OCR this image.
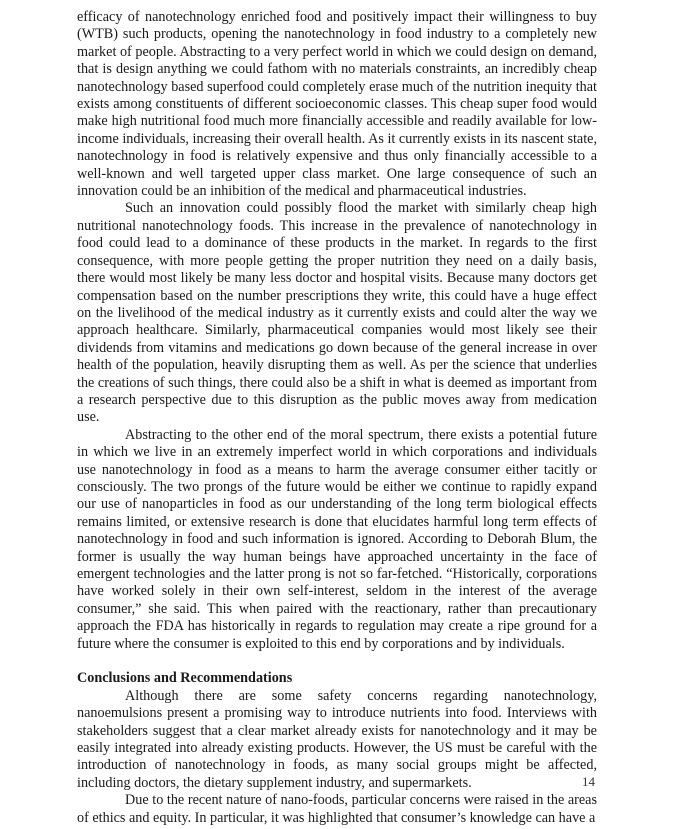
efficacy of nanotechnology enriched food and positively impact their willingness to buy (WTB) such products, opening the nanotechnology in food industry to a completely new market of people. Abstracting to a very perfect world in which we could design on demand, that is design anything we could fathom with no materials constraints, an incredibly cheap nanotechnology based superfood could completely erase much of the nutrition inequity that exists among constituents of different socioeconomic classes. This cheap super food would make high nutritional food much more financially accessible and readily available for low-income individuals, increasing their overall health. As it currently exists in its nascent state, nanotechnology in food is relatively expensive and thus only financially accessible to a well-known and well targeted upper class market. One large consequence of such an innovation could be an inhibition of the medical and pharmaceutical industries.

Such an innovation could possibly flood the market with similarly cheap high nutritional nanotechnology foods. This increase in the prevalence of nanotechnology in food could lead to a dominance of these products in the market. In regards to the first consequence, with more people getting the proper nutrition they need on a daily basis, there would most likely be many less doctor and hospital visits. Because many doctors get compensation based on the number prescriptions they write, this could have a huge effect on the livelihood of the medical industry as it currently exists and could alter the way we approach healthcare. Similarly, pharmaceutical companies would most likely see their dividends from vitamins and medications go down because of the general increase in over health of the population, heavily disrupting them as well. As per the science that underlies the creations of such things, there could also be a shift in what is deemed as important from a research perspective due to this disruption as the public moves away from medication use.

Abstracting to the other end of the moral spectrum, there exists a potential future in which we live in an extremely imperfect world in which corporations and individuals use nanotechnology in food as a means to harm the average consumer either tacitly or consciously. The two prongs of the future would be either we continue to rapidly expand our use of nanoparticles in food as our understanding of the long term biological effects remains limited, or extensive research is done that elucidates harmful long term effects of nanotechnology in food and such information is ignored. According to Deborah Blum, the former is usually the way human beings have approached uncertainty in the face of emergent technologies and the latter prong is not so far-fetched. “Historically, corporations have worked solely in their own self-interest, seldom in the interest of the average consumer,” she said. This when paired with the reactionary, rather than precautionary approach the FDA has historically in regards to regulation may create a ripe ground for a future where the consumer is exploited to this end by corporations and by individuals.

Conclusions and Recommendations

Although there are some safety concerns regarding nanotechnology, nanoemulsions present a promising way to introduce nutrients into food. Interviews with stakeholders suggest that a clear market already exists for nanotechnology and it may be easily integrated into already existing products. However, the US must be careful with the introduction of nanotechnology in foods, as many social groups might be affected, including doctors, the dietary supplement industry, and supermarkets.

Due to the recent nature of nano-foods, particular concerns were raised in the areas of ethics and equity. In particular, it was highlighted that consumer’s knowledge can have a

14
